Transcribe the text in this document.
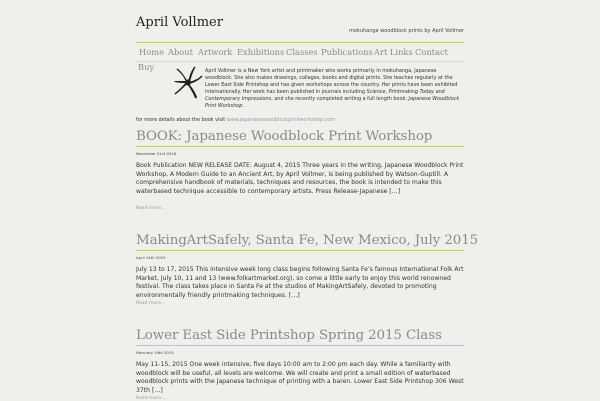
April Vollmer
mokuhanga woodblock prints by April Vollmer
Home About Artwork Exhibitions Classes Publications Art Links Contact
Buy	April Vollmer is a New York artist and printmaker who works primarily in mokuhanga, Japanese woodblock. She also makes drawings, collages, books and digital prints. She teaches regularly at the Lower East Side Printshop and has given workshops across the country. Her prints have been exhibited internationally. Her work has been published in journals including Science, Printmaking Today and Contemporary Impressions, and she recently completed writing a full length book: Japanese Woodblock Print Workshop.
for more details about the book visit www.japanesewoodblockprintworkshop.com
BOOK: Japanese Woodblock Print Workshop
November 01st 2016
Book Publication NEW RELEASE DATE: August 4, 2015 Three years in the writing, Japanese Woodblock Print Workshop, A Modern Guide to an Ancient Art, by April Vollmer, is being published by Watson-Guptill. A comprehensive handbook of materials, techniques and resources, the book is intended to make this waterbased technique accessible to contemporary artists. Press Release-Japanese […]
Read more...
MakingArtSafely, Santa Fe, New Mexico, July 2015
April 14th 2015
July 13 to 17, 2015 This intensive week long class begins following Santa Fe’s famous International Folk Art Market, July 10, 11 and 13 (www.folkartmarket.org), so come a little early to enjoy this world renowned festival. The class takes place in Santa Fe at the studios of MakingArtSafely, devoted to promoting environmentally friendly printmaking techniques. […]
Read more...
Lower East Side Printshop Spring 2015 Class
February 19th 2015
May 11-15, 2015 One week intensive, five days 10:00 am to 2:00 pm each day. While a familiarity with woodblock will be useful, all levels are welcome. We will create and print a small edition of waterbased woodblock prints with the Japanese technique of printing with a baren. Lower East Side Printshop 306 West 37th […]
Read more...
